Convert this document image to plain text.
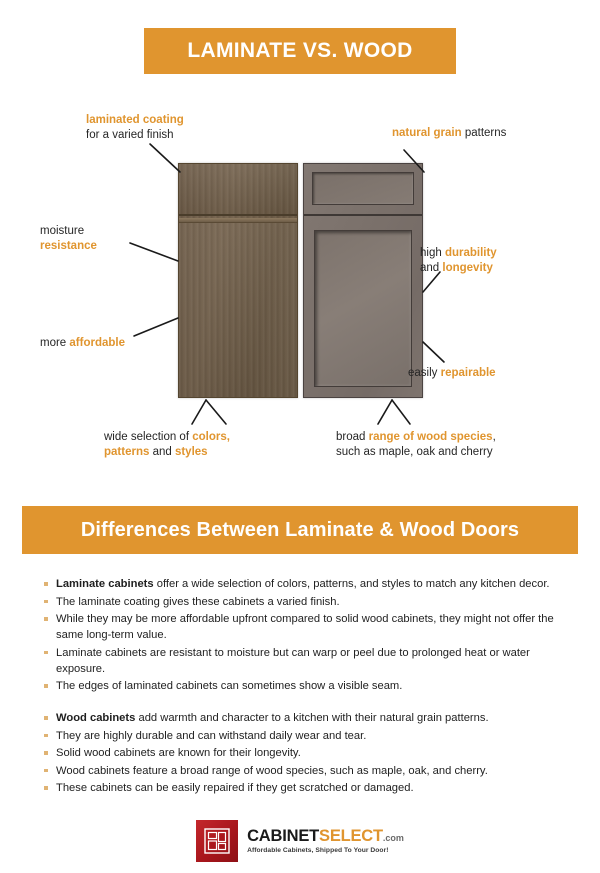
LAMINATE VS. WOOD
laminated coating
for a varied finish
moisture
resistance
more affordable
natural grain patterns
high durability
and longevity
easily repairable
wide selection of colors,
patterns and styles
broad range of wood species,
such as maple, oak and cherry
Differences Between Laminate & Wood Doors
Laminate cabinets offer a wide selection of colors, patterns, and styles to match any kitchen decor.
The laminate coating gives these cabinets a varied finish.
While they may be more affordable upfront compared to solid wood cabinets, they might not offer the same long-term value.
Laminate cabinets are resistant to moisture but can warp or peel due to prolonged heat or water exposure.
The edges of laminated cabinets can sometimes show a visible seam.
Wood cabinets add warmth and character to a kitchen with their natural grain patterns.
They are highly durable and can withstand daily wear and tear.
Solid wood cabinets are known for their longevity.
Wood cabinets feature a broad range of wood species, such as maple, oak, and cherry.
These cabinets can be easily repaired if they get scratched or damaged.
CABINETSELECT.com
Affordable Cabinets, Shipped To Your Door!
